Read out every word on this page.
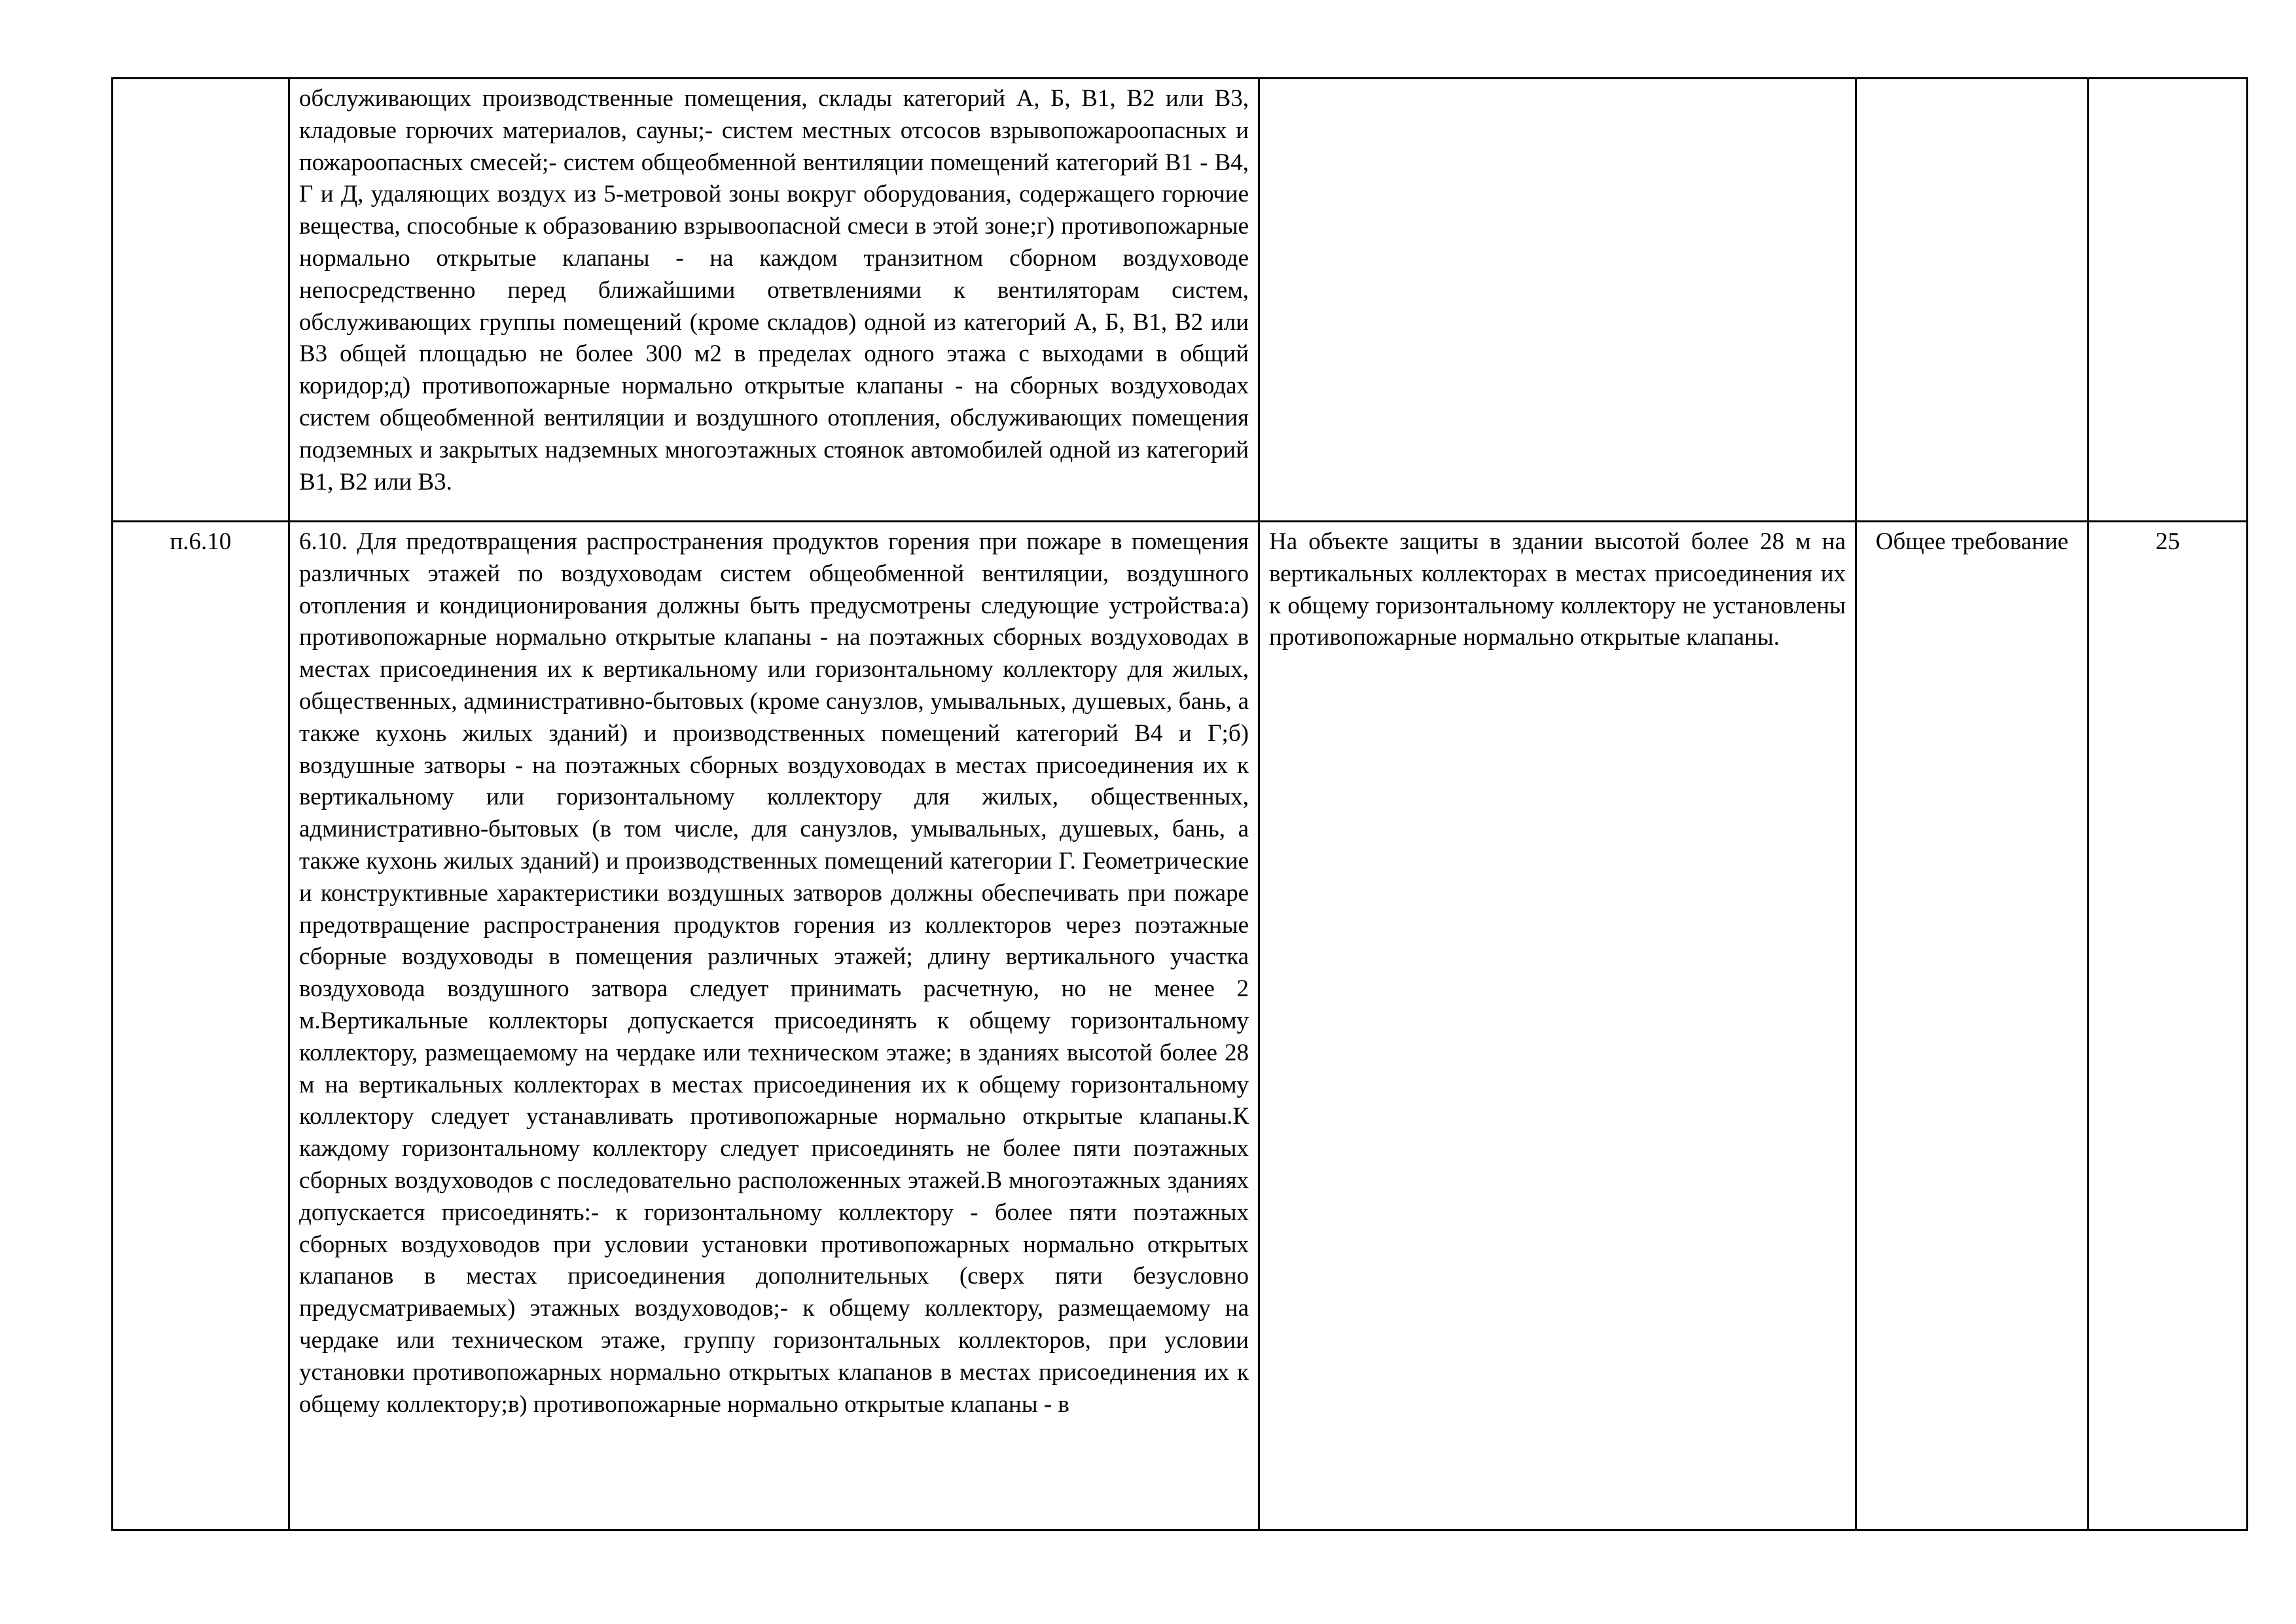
	обслуживающих производственные помещения, склады категорий А, Б, В1, В2 или В3, кладовые горючих материалов, сауны;- систем местных отсосов взрывопожароопасных и пожароопасных смесей;- систем общеобменной вентиляции помещений категорий В1 - В4, Г и Д, удаляющих воздух из 5-метровой зоны вокруг оборудования, содержащего горючие вещества, способные к образованию взрывоопасной смеси в этой зоне;г) противопожарные нормально открытые клапаны - на каждом транзитном сборном воздуховоде непосредственно перед ближайшими ответвлениями к вентиляторам систем, обслуживающих группы помещений (кроме складов) одной из категорий А, Б, В1, В2 или В3 общей площадью не более 300 м2 в пределах одного этажа с выходами в общий коридор;д) противопожарные нормально открытые клапаны - на сборных воздуховодах систем общеобменной вентиляции и воздушного отопления, обслуживающих помещения подземных и закрытых надземных многоэтажных стоянок автомобилей одной из категорий В1, В2 или В3.			
п.6.10	6.10. Для предотвращения распространения продуктов горения при пожаре в помещения различных этажей по воздуховодам систем общеобменной вентиляции, воздушного отопления и кондиционирования должны быть предусмотрены следующие устройства:а) противопожарные нормально открытые клапаны - на поэтажных сборных воздуховодах в местах присоединения их к вертикальному или горизонтальному коллектору для жилых, общественных, административно-бытовых (кроме санузлов, умывальных, душевых, бань, а также кухонь жилых зданий) и производственных помещений категорий В4 и Г;б) воздушные затворы - на поэтажных сборных воздуховодах в местах присоединения их к вертикальному или горизонтальному коллектору для жилых, общественных, административно-бытовых (в том числе, для санузлов, умывальных, душевых, бань, а также кухонь жилых зданий) и производственных помещений категории Г. Геометрические и конструктивные характеристики воздушных затворов должны обеспечивать при пожаре предотвращение распространения продуктов горения из коллекторов через поэтажные сборные воздуховоды в помещения различных этажей; длину вертикального участка воздуховода воздушного затвора следует принимать расчетную, но не менее 2 м.Вертикальные коллекторы допускается присоединять к общему горизонтальному коллектору, размещаемому на чердаке или техническом этаже; в зданиях высотой более 28 м на вертикальных коллекторах в местах присоединения их к общему горизонтальному коллектору следует устанавливать противопожарные нормально открытые клапаны.К каждому горизонтальному коллектору следует присоединять не более пяти поэтажных сборных воздуховодов с последовательно расположенных этажей.В многоэтажных зданиях допускается присоединять:- к горизонтальному коллектору - более пяти поэтажных сборных воздуховодов при условии установки противопожарных нормально открытых клапанов в местах присоединения дополнительных (сверх пяти безусловно предусматриваемых) этажных воздуховодов;- к общему коллектору, размещаемому на чердаке или техническом этаже, группу горизонтальных коллекторов, при условии установки противопожарных нормально открытых клапанов в местах присоединения их к общему коллектору;в) противопожарные нормально открытые клапаны - в	На объекте защиты в здании высотой более 28 м на вертикальных коллекторах в местах присоединения их к общему горизонтальному коллектору не установлены противопожарные нормально открытые клапаны.	Общее требование	25
